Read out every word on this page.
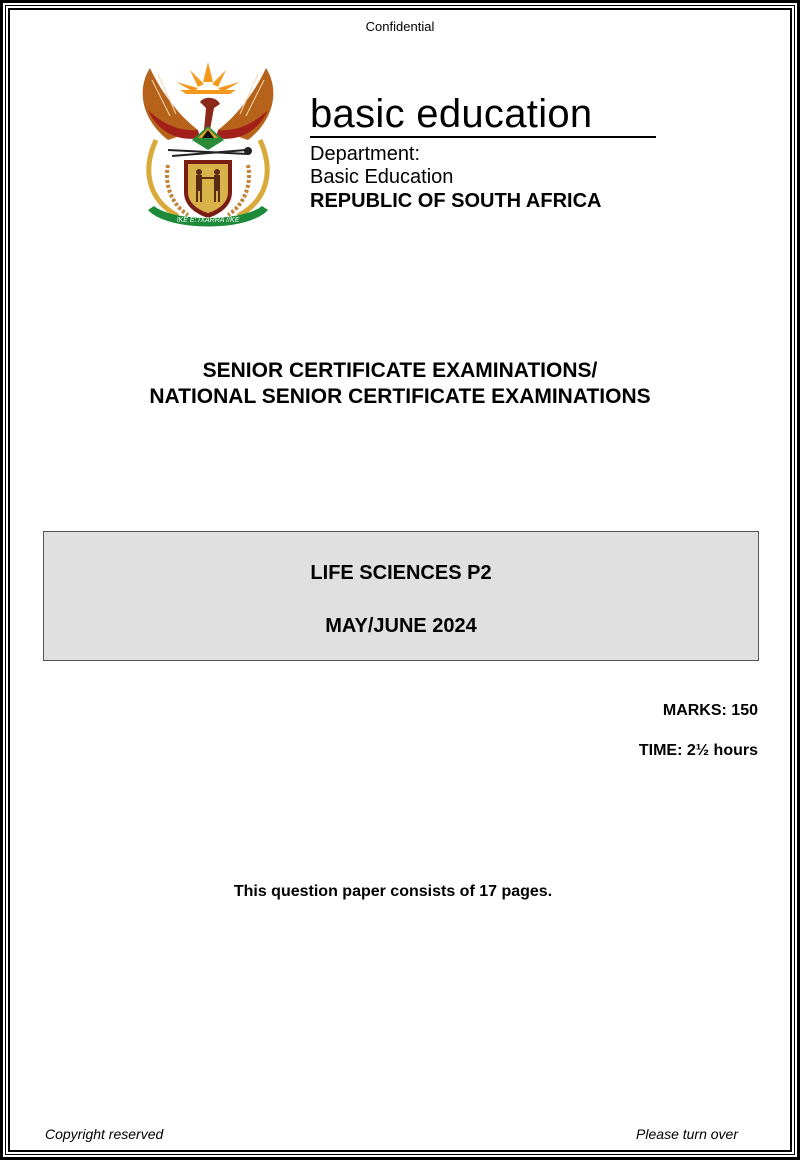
Confidential
!KE E: /XARRA //KE
basic education
Department:
Basic Education
REPUBLIC OF SOUTH AFRICA
SENIOR CERTIFICATE EXAMINATIONS/
NATIONAL SENIOR CERTIFICATE EXAMINATIONS
LIFE SCIENCES P2
MAY/JUNE 2024
MARKS: 150
TIME: 2½ hours
This question paper consists of 17 pages.
Copyright reserved	Please turn over
